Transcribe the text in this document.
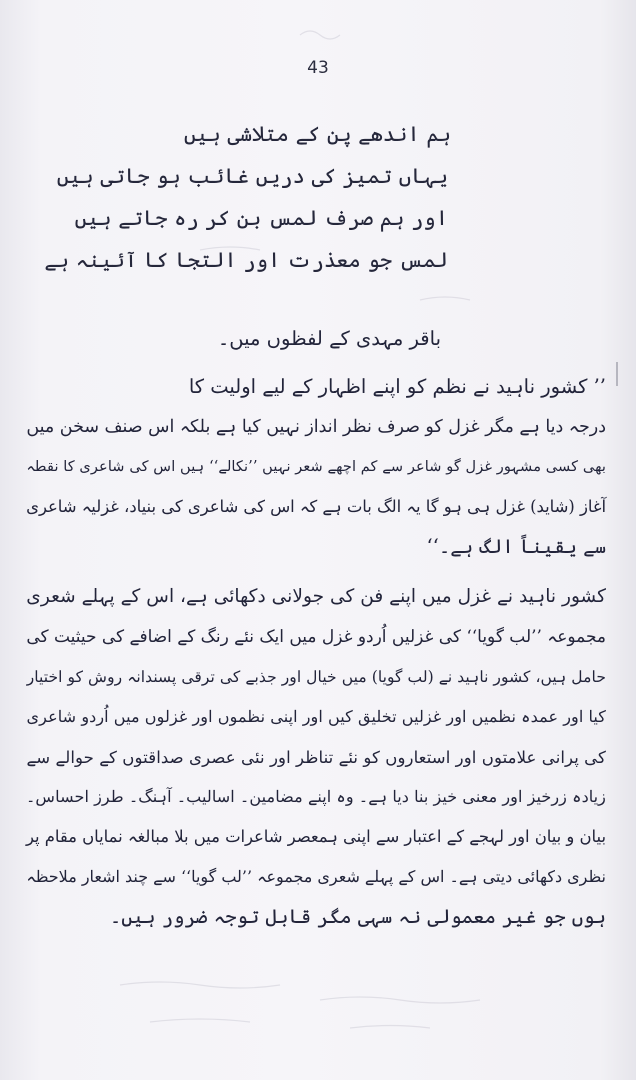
43
ہم اندھے پن کے متلاشی ہیں
یہاں تمیز کی دریں غائب ہو جاتی ہیں
اور ہم صرف لمس بن کر رہ جاتے ہیں
لمس جو معذرت اور التجا کا آئینہ ہے
باقر مہدی کے لفظوں میں۔
’’ کشور ناہید نے نظم کو اپنے اظہار کے لیے اولیت کا
درجہ دیا ہے مگر غزل کو صرف نظر انداز نہیں کیا ہے بلکہ اس صنف سخن میں
بھی کسی مشہور غزل گو شاعر سے کم اچھے شعر نہیں ’’نکالے‘‘ ہیں اس کی شاعری کا نقطہ
آغاز (شاید) غزل ہی ہو گا یہ الگ بات ہے کہ اس کی شاعری کی بنیاد، غزلیہ شاعری
سے یقیناً الگ ہے۔‘‘
کشور ناہید نے غزل میں اپنے فن کی جولانی دکھائی ہے، اس کے پہلے شعری
مجموعہ ’’لب گویا‘‘ کی غزلیں اُردو غزل میں ایک نئے رنگ کے اضافے کی حیثیت کی
حامل ہیں، کشور ناہید نے (لب گویا) میں خیال اور جذبے کی ترقی پسندانہ روش کو اختیار
کیا اور عمدہ نظمیں اور غزلیں تخلیق کیں اور اپنی نظموں اور غزلوں میں اُردو شاعری
کی پرانی علامتوں اور استعاروں کو نئے تناظر اور نئی عصری صداقتوں کے حوالے سے
زیادہ زرخیز اور معنی خیز بنا دیا ہے۔ وہ اپنے مضامین۔ اسالیب۔ آہنگ۔ طرز احساس۔
بیان و بیان اور لہجے کے اعتبار سے اپنی ہمعصر شاعرات میں بلا مبالغہ نمایاں مقام پر
نظری دکھائی دیتی ہے۔ اس کے پہلے شعری مجموعہ ’’لب گویا‘‘ سے چند اشعار ملاحظہ
ہوں جو غیر معمولی نہ سہی مگر قابل توجہ ضرور ہیں۔
